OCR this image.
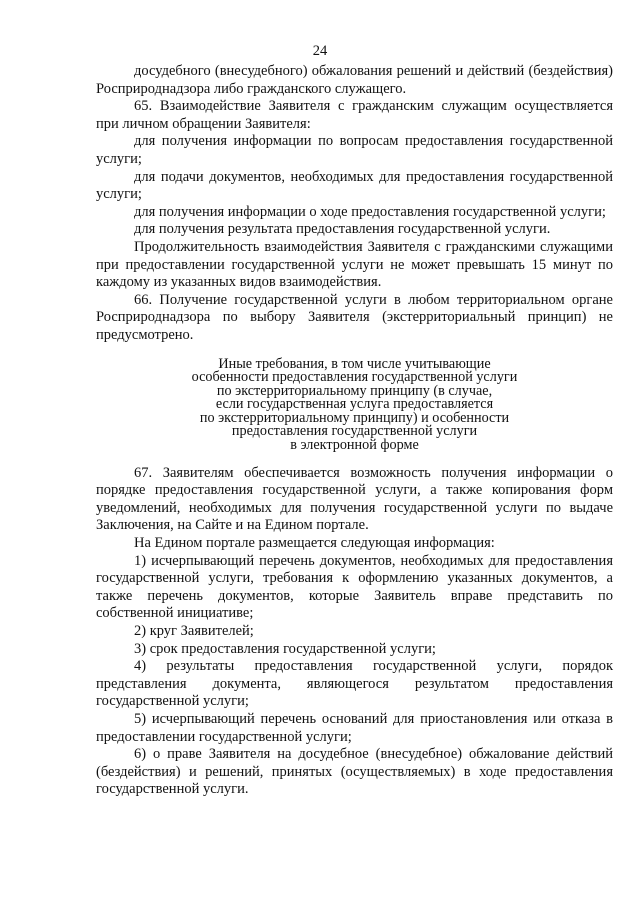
24

досудебного (внесудебного) обжалования решений и действий (бездействия) Росприроднадзора либо гражданского служащего.

65. Взаимодействие Заявителя с гражданским служащим осуществляется при личном обращении Заявителя:

для получения информации по вопросам предоставления государственной услуги;

для подачи документов, необходимых для предоставления государственной услуги;

для получения информации о ходе предоставления государственной услуги;

для получения результата предоставления государственной услуги.

Продолжительность взаимодействия Заявителя с гражданскими служащими при предоставлении государственной услуги не может превышать 15 минут по каждому из указанных видов взаимодействия.

66. Получение государственной услуги в любом территориальном органе Росприроднадзора по выбору Заявителя (экстерриториальный принцип) не предусмотрено.

Иные требования, в том числе учитывающие
особенности предоставления государственной услуги
по экстерриториальному принципу (в случае,
если государственная услуга предоставляется
по экстерриториальному принципу) и особенности
предоставления государственной услуги
в электронной форме

67. Заявителям обеспечивается возможность получения информации о порядке предоставления государственной услуги, а также копирования форм уведомлений, необходимых для получения государственной услуги по выдаче Заключения, на Сайте и на Едином портале.

На Едином портале размещается следующая информация:

1) исчерпывающий перечень документов, необходимых для предоставления государственной услуги, требования к оформлению указанных документов, а также перечень документов, которые Заявитель вправе представить по собственной инициативе;

2) круг Заявителей;

3) срок предоставления государственной услуги;

4) результаты предоставления государственной услуги, порядок представления документа, являющегося результатом предоставления государственной услуги;

5) исчерпывающий перечень оснований для приостановления или отказа в предоставлении государственной услуги;

6) о праве Заявителя на досудебное (внесудебное) обжалование действий (бездействия) и решений, принятых (осуществляемых) в ходе предоставления государственной услуги.
